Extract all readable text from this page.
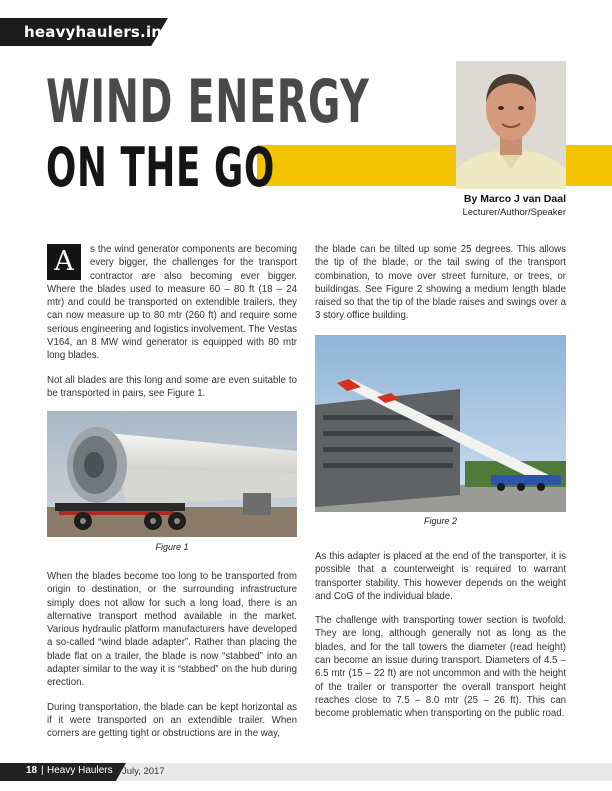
heavyhaulers.in
WIND ENERGY
ON THE GO	By Marco J van Daal
Lecturer/Author/Speaker

A	s the wind generator components are becoming every bigger, the challenges for the transport contractor are also becoming ever bigger. Where the blades used to measure 60 – 80 ft (18 – 24 mtr) and could be transported on extendible trailers, they can now measure up to 80 mtr (260 ft) and require some serious engineering and logistics involvement. The Vestas V164, an 8 MW wind generator is equipped with 80 mtr long blades.

Not all blades are this long and some are even suitable to be transported in pairs, see Figure 1.

Figure 1

When the blades become too long to be transported from origin to destination, or the surrounding infrastructure simply does not allow for such a long load, there is an alternative transport method available in the market. Various hydraulic platform manufacturers have developed a so-called “wind blade adapter”. Rather than placing the blade flat on a trailer, the blade is now “stabbed” into an adapter similar to the way it is “stabbed” on the hub during erection.

During transportation, the blade can be kept horizontal as if it were transported on an extendible trailer. When corners are getting tight or obstructions are in the way,

the blade can be tilted up some 25 degrees. This allows the tip of the blade, or the tail swing of the transport combination, to move over street furniture, or trees, or buildingas. See Figure 2 showing a medium length blade raised so that the tip of the blade raises and swings over a 3 story office building.

Figure 2

As this adapter is placed at the end of the transporter, it is possible that a counterweight is required to warrant transporter stability. This however depends on the weight and CoG of the individual blade.

The challenge with transporting tower section is twofold. They are long, although generally not as long as the blades, and for the tall towers the diameter (read height) can become an issue during transport. Diameters of 4.5 – 6.5 mtr (15 – 22 ft) are not uncommon and with the height of the trailer or transporter the overall transport height reaches close to 7.5 – 8.0 mtr (25 – 26 ft). This can become problematic when transporting on the public road.

18 | Heavy Haulers July, 2017
